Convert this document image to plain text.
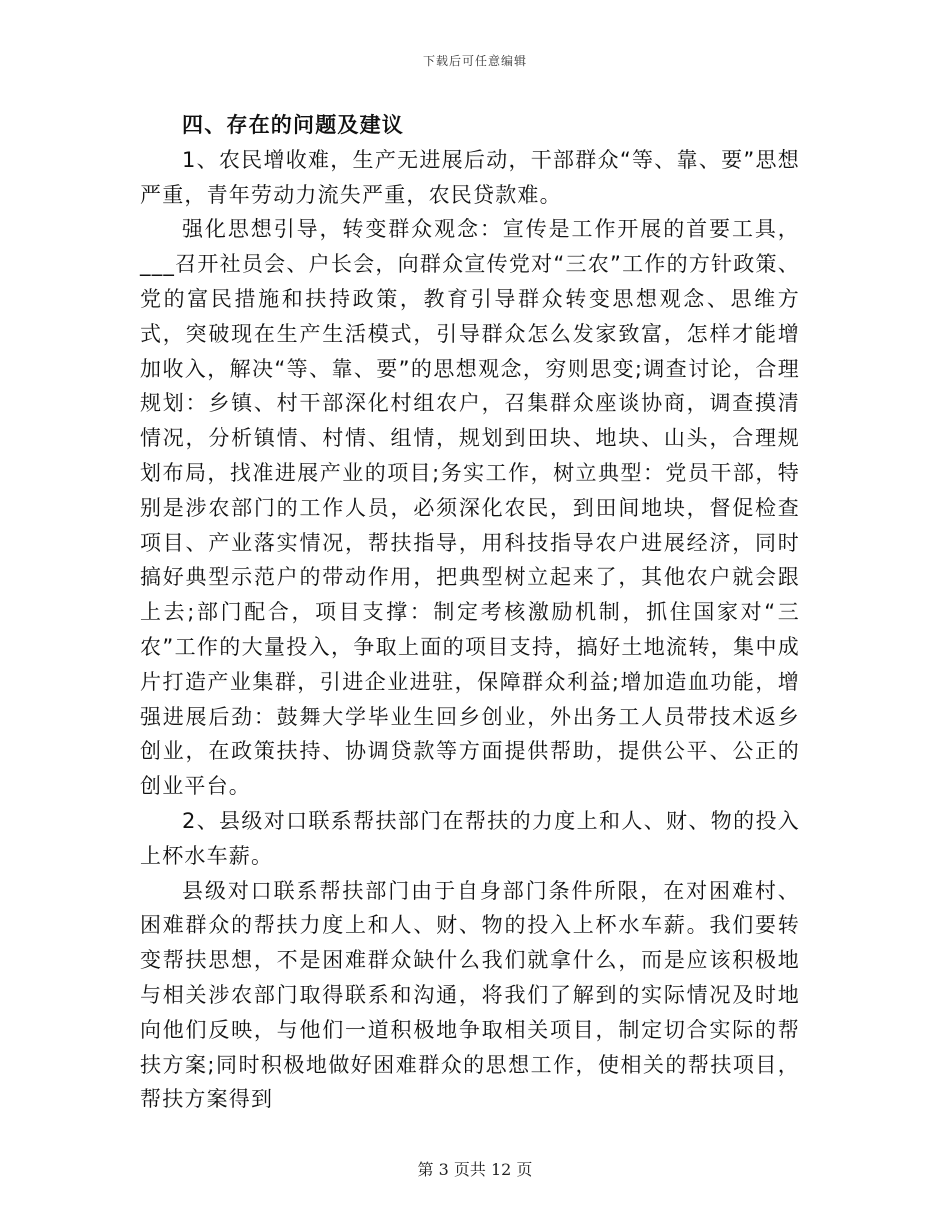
下载后可任意编辑

四、存在的问题及建议

1、农民增收难，生产无进展后动，干部群众“等、靠、要”思想严重，青年劳动力流失严重，农民贷款难。

强化思想引导，转变群众观念：宣传是工作开展的首要工具，___召开社员会、户长会，向群众宣传党对“三农”工作的方针政策、党的富民措施和扶持政策，教育引导群众转变思想观念、思维方式，突破现在生产生活模式，引导群众怎么发家致富，怎样才能增加收入，解决“等、靠、要”的思想观念，穷则思变;调查讨论，合理规划：乡镇、村干部深化村组农户，召集群众座谈协商，调查摸清情况，分析镇情、村情、组情，规划到田块、地块、山头，合理规划布局，找准进展产业的项目;务实工作，树立典型：党员干部，特别是涉农部门的工作人员，必须深化农民，到田间地块，督促检查项目、产业落实情况，帮扶指导，用科技指导农户进展经济，同时搞好典型示范户的带动作用，把典型树立起来了，其他农户就会跟上去;部门配合，项目支撑：制定考核激励机制，抓住国家对“三农”工作的大量投入，争取上面的项目支持，搞好土地流转，集中成片打造产业集群，引进企业进驻，保障群众利益;增加造血功能，增强进展后劲：鼓舞大学毕业生回乡创业，外出务工人员带技术返乡创业，在政策扶持、协调贷款等方面提供帮助，提供公平、公正的创业平台。

2、县级对口联系帮扶部门在帮扶的力度上和人、财、物的投入上杯水车薪。

县级对口联系帮扶部门由于自身部门条件所限，在对困难村、困难群众的帮扶力度上和人、财、物的投入上杯水车薪。我们要转变帮扶思想，不是困难群众缺什么我们就拿什么，而是应该积极地与相关涉农部门取得联系和沟通，将我们了解到的实际情况及时地向他们反映，与他们一道积极地争取相关项目，制定切合实际的帮扶方案;同时积极地做好困难群众的思想工作，使相关的帮扶项目，帮扶方案得到

第 3 页共 12 页
